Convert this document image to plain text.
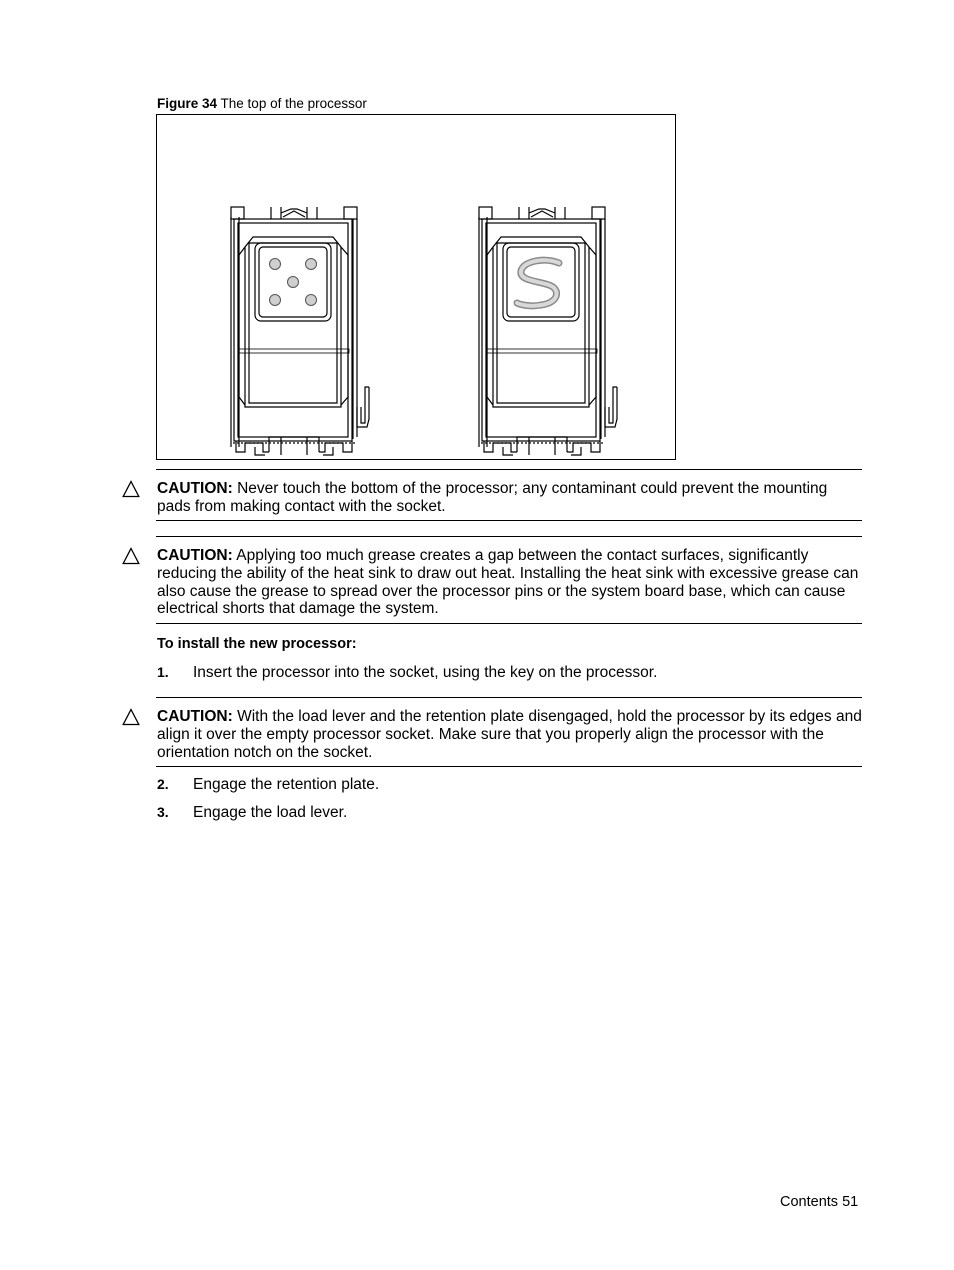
Figure 34 The top of the processor
CAUTION: Never touch the bottom of the processor; any contaminant could prevent the mounting pads from making contact with the socket.
CAUTION: Applying too much grease creates a gap between the contact surfaces, significantly reducing the ability of the heat sink to draw out heat. Installing the heat sink with excessive grease can also cause the grease to spread over the processor pins or the system board base, which can cause electrical shorts that damage the system.
To install the new processor:
1. Insert the processor into the socket, using the key on the processor.
CAUTION: With the load lever and the retention plate disengaged, hold the processor by its edges and align it over the empty processor socket. Make sure that you properly align the processor with the orientation notch on the socket.
2. Engage the retention plate.
3. Engage the load lever.
Contents 51
